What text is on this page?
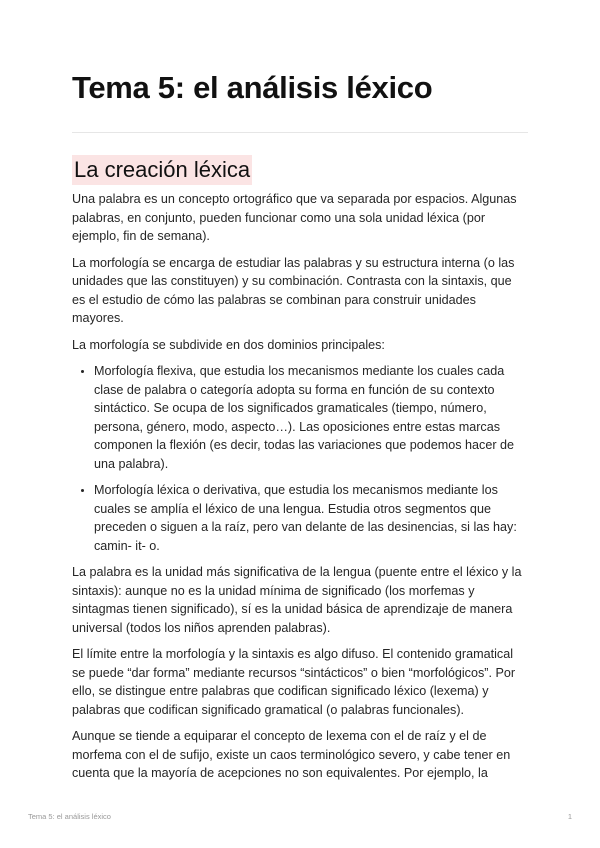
Tema 5: el análisis léxico
La creación léxica

Una palabra es un concepto ortográfico que va separada por espacios. Algunas palabras, en conjunto, pueden funcionar como una sola unidad léxica (por ejemplo, fin de semana).

La morfología se encarga de estudiar las palabras y su estructura interna (o las unidades que las constituyen) y su combinación. Contrasta con la sintaxis, que es el estudio de cómo las palabras se combinan para construir unidades mayores.

La morfología se subdivide en dos dominios principales:

• Morfología flexiva, que estudia los mecanismos mediante los cuales cada clase de palabra o categoría adopta su forma en función de su contexto sintáctico. Se ocupa de los significados gramaticales (tiempo, número, persona, género, modo, aspecto…). Las oposiciones entre estas marcas componen la flexión (es decir, todas las variaciones que podemos hacer de una palabra).
• Morfología léxica o derivativa, que estudia los mecanismos mediante los cuales se amplía el léxico de una lengua. Estudia otros segmentos que preceden o siguen a la raíz, pero van delante de las desinencias, si las hay: camin- it- o.

La palabra es la unidad más significativa de la lengua (puente entre el léxico y la sintaxis): aunque no es la unidad mínima de significado (los morfemas y sintagmas tienen significado), sí es la unidad básica de aprendizaje de manera universal (todos los niños aprenden palabras).

El límite entre la morfología y la sintaxis es algo difuso. El contenido gramatical se puede “dar forma” mediante recursos “sintácticos” o bien “morfológicos”. Por ello, se distingue entre palabras que codifican significado léxico (lexema) y palabras que codifican significado gramatical (o palabras funcionales).

Aunque se tiende a equiparar el concepto de lexema con el de raíz y el de morfema con el de sufijo, existe un caos terminológico severo, y cabe tener en cuenta que la mayoría de acepciones no son equivalentes. Por ejemplo, la

Tema 5: el análisis léxico	1
